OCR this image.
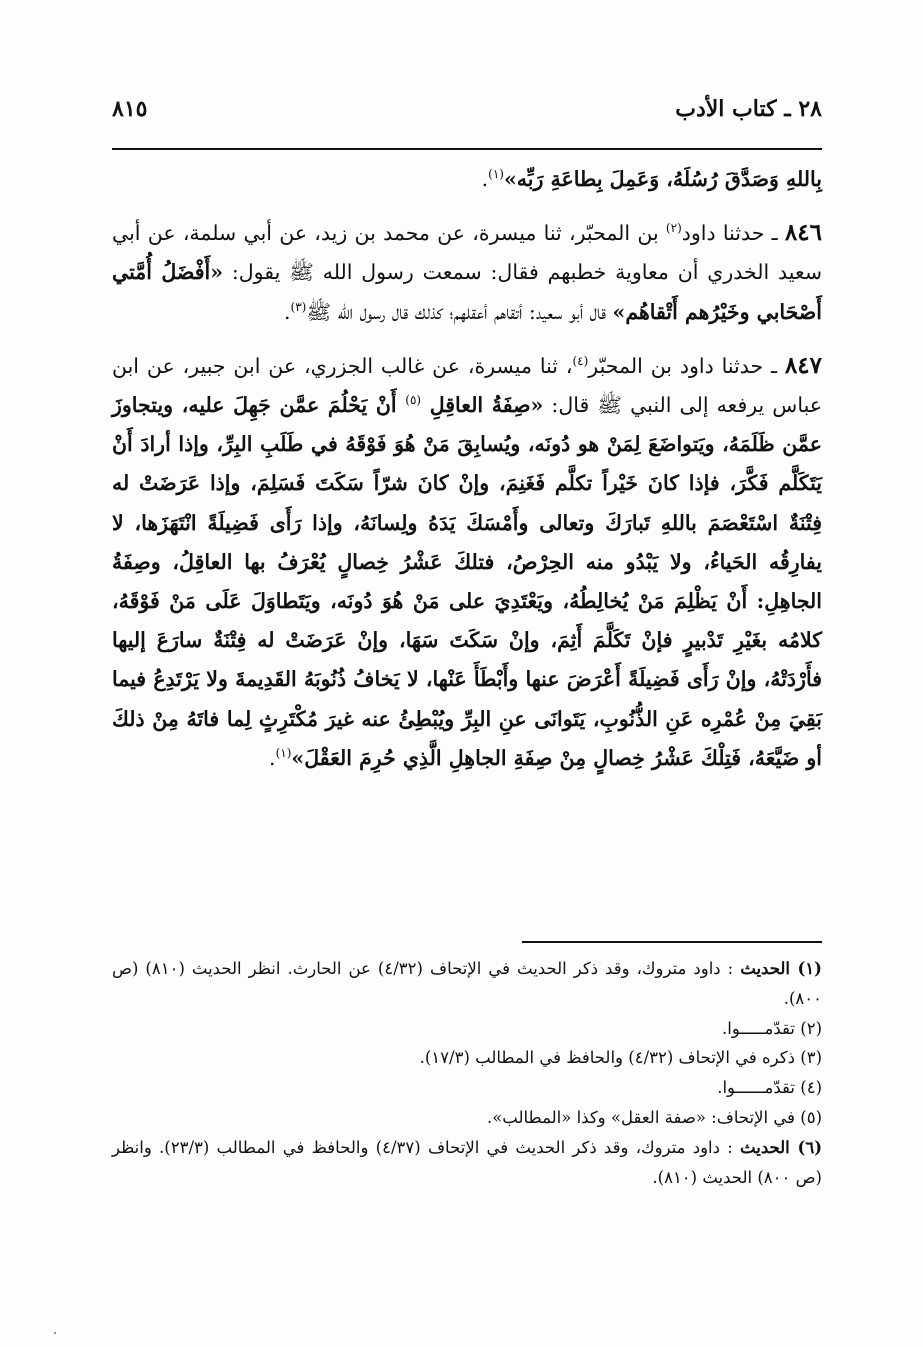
٢٨ ـ كتاب الأدب
٨١٥

بِاللهِ وَصَدَّقَ رُسُلَهُ، وَعَمِلَ بِطاعَةِ رَبِّه»$^{(١)}$.

٨٤٦ ـ حدثنا داود$^{(٢)}$ بن المحبّر، ثنا ميسرة، عن محمد بن زيد، عن أبي سلمة، عن أبي سعيد الخدري أن معاوية خطبهم فقال: سمعت رسول الله ﷺ يقول: «أَفْضَلُ أُمَّتي أَصْحَابي وخَيْرُهم أَتْقاهُم» قال أبو سعيد: أتقاهم أعقلهم؛ كذلك قال رسول الله ﷺ$^{(٣)}$.

٨٤٧ ـ حدثنا داود بن المحبّر$^{(٤)}$، ثنا ميسرة، عن غالب الجزري، عن ابن جبير، عن ابن عباس يرفعه إلى النبي ﷺ قال: «صِفَةُ العاقِلِ $^{(٥)}$ أَنْ يَحْلُمَ عمَّن جَهِلَ عليه، ويتجاوزَ عمَّن ظَلَمَهُ، ويَتواضَعَ لِمَنْ هو دُونَه، ويُسابِقَ مَنْ هُوَ فَوْقَهُ في طَلَبِ البِرِّ، وإذا أرادَ أَنْ يَتَكَلَّم فَكَّرَ، فإذا كانَ خَيْراً تكلَّم فَغَنِمَ، وإنْ كانَ شرّاً سَكَتَ فَسَلِمَ، وإذا عَرَضَتْ له فِتْنَةٌ اسْتَعْصَمَ باللهِ تَبارَكَ وتعالى وأَمْسَكَ يَدَهُ ولِسانَهُ، وإذا رَأَى فَضِيلَةً انْتَهَزَها، لا يفارِقُه الحَياءُ، ولا يَبْدُو منه الحِرْصُ، فتلكَ عَشْرُ خِصالٍ يُعْرَفُ بها العاقِلُ، وصِفَةُ الجاهِلِ: أَنْ يَظْلِمَ مَنْ يُخالِطُهُ، ويَعْتَدِيَ على مَنْ هُوَ دُونَه، ويَتَطاوَلَ عَلَى مَنْ فَوْقَهُ، كلامُه بغَيْرِ تَدْبيرٍ فإنْ تَكَلَّمَ أَثِمَ، وإنْ سَكَتَ سَهَا، وإنْ عَرَضَتْ له فِتْنَةٌ سارَعَ إليها فأَرْدَتْهُ، وإنْ رَأَى فَضِيلَةً أَعْرَضَ عنها وأَبْطَأَ عَنْها، لا يَخافُ ذُنُوبَهُ القَدِيمةَ ولا يَرْتَدِعُ فيما بَقِيَ مِنْ عُمْرِه عَنِ الذُّنُوبِ، يَتَوانَى عنِ البِرِّ ويُبْطِئُ عنه غيرَ مُكْتَرِثٍ لِما فاتَهُ مِنْ ذلكَ أو ضَيَّعَهُ، فَتِلْكَ عَشْرُ خِصالٍ مِنْ صِفَةِ الجاهِلِ الَّذِي حُرِمَ العَقْلَ»$^{(١)}$.

(١) الحديث : داود متروك، وقد ذكر الحديث في الإتحاف (٤/٣٢) عن الحارث. انظر الحديث (٨١٠) (ص ٨٠٠).

(٢) تقدّمـــــوا.

(٣) ذكره في الإتحاف (٤/٣٢) والحافظ في المطالب (١٧/٣).

(٤) تقدّمــــــوا.

(٥) في الإتحاف: «صفة العقل» وكذا «المطالب».

(٦) الحديث : داود متروك، وقد ذكر الحديث في الإتحاف (٤/٣٧) والحافظ في المطالب (٢٣/٣). وانظر (ص ٨٠٠) الحديث (٨١٠).
